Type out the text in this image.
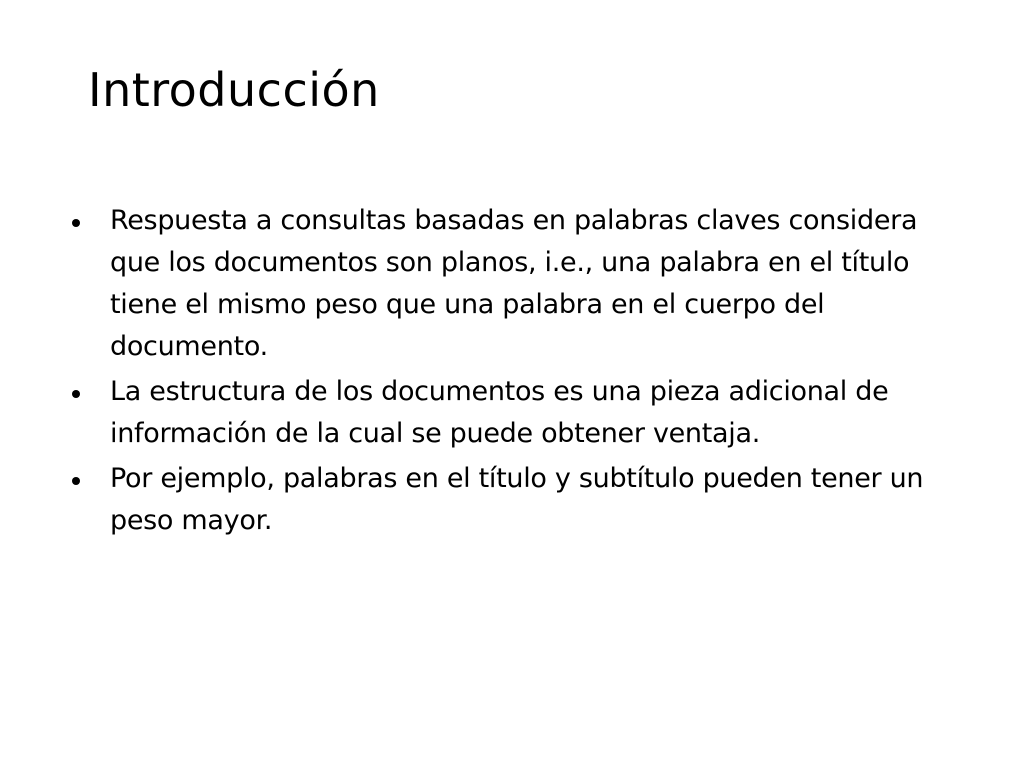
Introducción
Respuesta a consultas basadas en palabras claves considera que los documentos son planos, i.e., una palabra en el título tiene el mismo peso que una palabra en el cuerpo del documento.
La estructura de los documentos es una pieza adicional de información de la cual se puede obtener ventaja.
Por ejemplo, palabras en el título y subtítulo pueden tener un peso mayor.
